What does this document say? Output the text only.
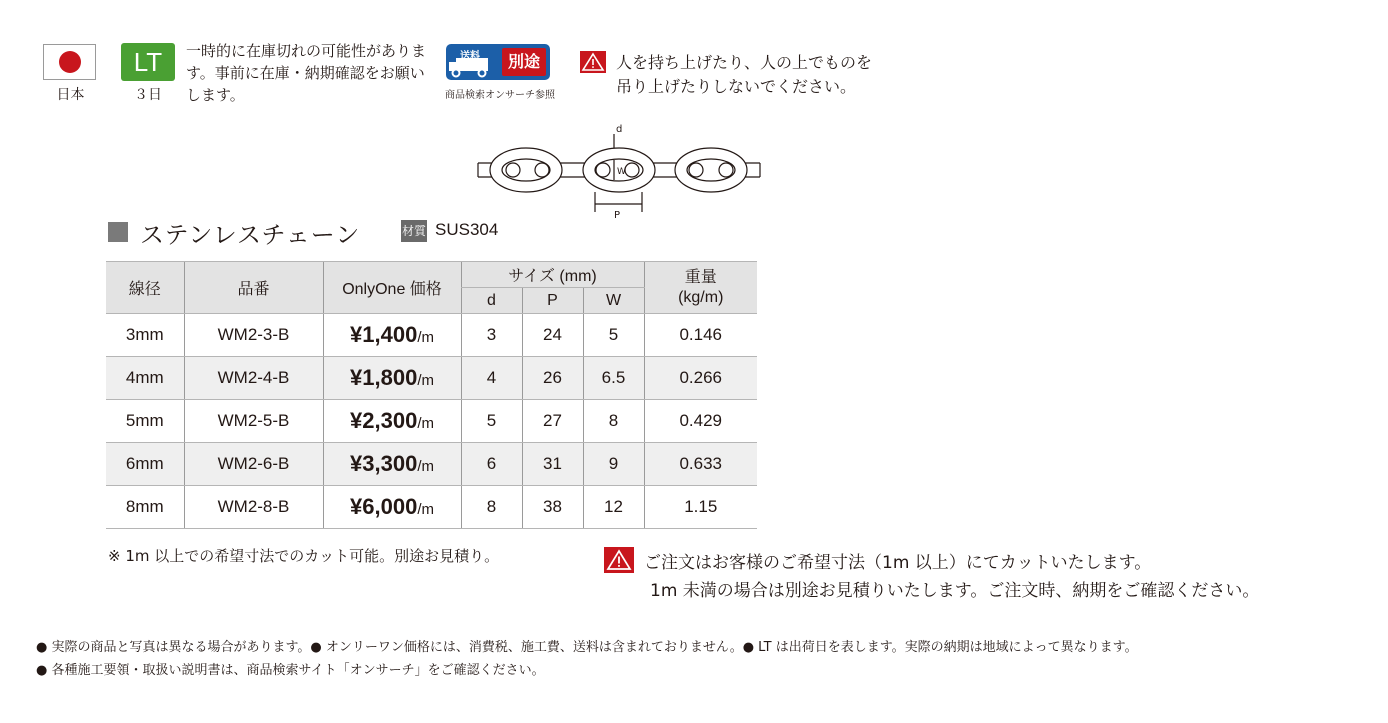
日本
LT
３日
一時的に在庫切れの可能性があります。事前に在庫・納期確認をお願いします。
送料	別途
商品検索オンサーチ参照
人を持ち上げたり、人の上でものを
吊り上げたりしないでください。
d
W
P
ステンレスチェーン	材質 SUS304
線径	品番	OnlyOne 価格	サイズ (mm)			重量
(kg/m)

			d	P	W	
3mm	WM2-3-B	¥1,400/m	3	24	5	0.146
4mm	WM2-4-B	¥1,800/m	4	26	6.5	0.266
5mm	WM2-5-B	¥2,300/m	5	27	8	0.429
6mm	WM2-6-B	¥3,300/m	6	31	9	0.633
8mm	WM2-8-B	¥6,000/m	8	38	12	1.15
※ 1m 以上での希望寸法でのカット可能。別途お見積り。	ご注文はお客様のご希望寸法（1m 以上）にてカットいたします。
1m 未満の場合は別途お見積りいたします。ご注文時、納期をご確認ください。
● 実際の商品と写真は異なる場合があります。● オンリーワン価格には、消費税、施工費、送料は含まれておりません。● LT は出荷日を表します。実際の納期は地域によって異なります。
● 各種施工要領・取扱い説明書は、商品検索サイト「オンサーチ」をご確認ください。
